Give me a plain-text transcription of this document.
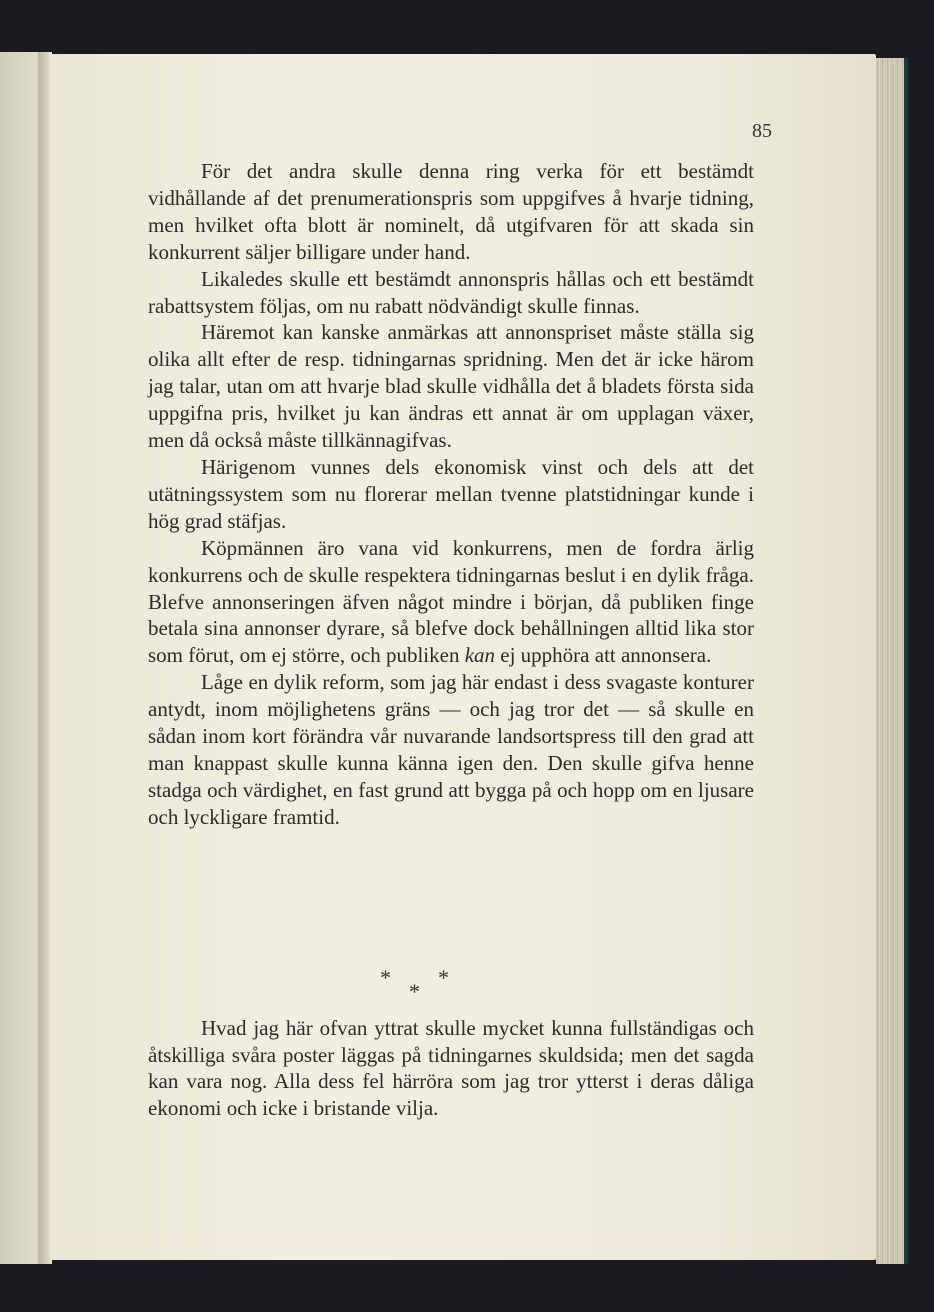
85

För det andra skulle denna ring verka för ett bestämdt vidhållande af det prenumerationspris som uppgifves å hvarje tidning, men hvilket ofta blott är nominelt, då utgifvaren för att skada sin konkurrent säljer billigare under hand.

Likaledes skulle ett bestämdt annonspris hållas och ett bestämdt rabattsystem följas, om nu rabatt nödvändigt skulle finnas.

Häremot kan kanske anmärkas att annonspriset måste ställa sig olika allt efter de resp. tidningarnas spridning. Men det är icke härom jag talar, utan om att hvarje blad skulle vidhålla det å bladets första sida uppgifna pris, hvilket ju kan ändras ett annat är om upplagan växer, men då också måste tillkännagifvas.

Härigenom vunnes dels ekonomisk vinst och dels att det utätningssystem som nu florerar mellan tvenne platstidningar kunde i hög grad stäfjas.

Köpmännen äro vana vid konkurrens, men de fordra ärlig konkurrens och de skulle respektera tidningarnas beslut i en dylik fråga. Blefve annonseringen äfven något mindre i början, då publiken finge betala sina annonser dyrare, så blefve dock behållningen alltid lika stor som förut, om ej större, och publiken kan ej upphöra att annonsera.

Låge en dylik reform, som jag här endast i dess svagaste konturer antydt, inom möjlighetens gräns — och jag tror det — så skulle en sådan inom kort förändra vår nuvarande landsortspress till den grad att man knappast skulle kunna känna igen den. Den skulle gifva henne stadga och värdighet, en fast grund att bygga på och hopp om en ljusare och lyckligare framtid.

* *
*

Hvad jag här ofvan yttrat skulle mycket kunna fullständigas och åtskilliga svåra poster läggas på tidningarnes skuldsida; men det sagda kan vara nog. Alla dess fel härröra som jag tror ytterst i deras dåliga ekonomi och icke i bristande vilja.
